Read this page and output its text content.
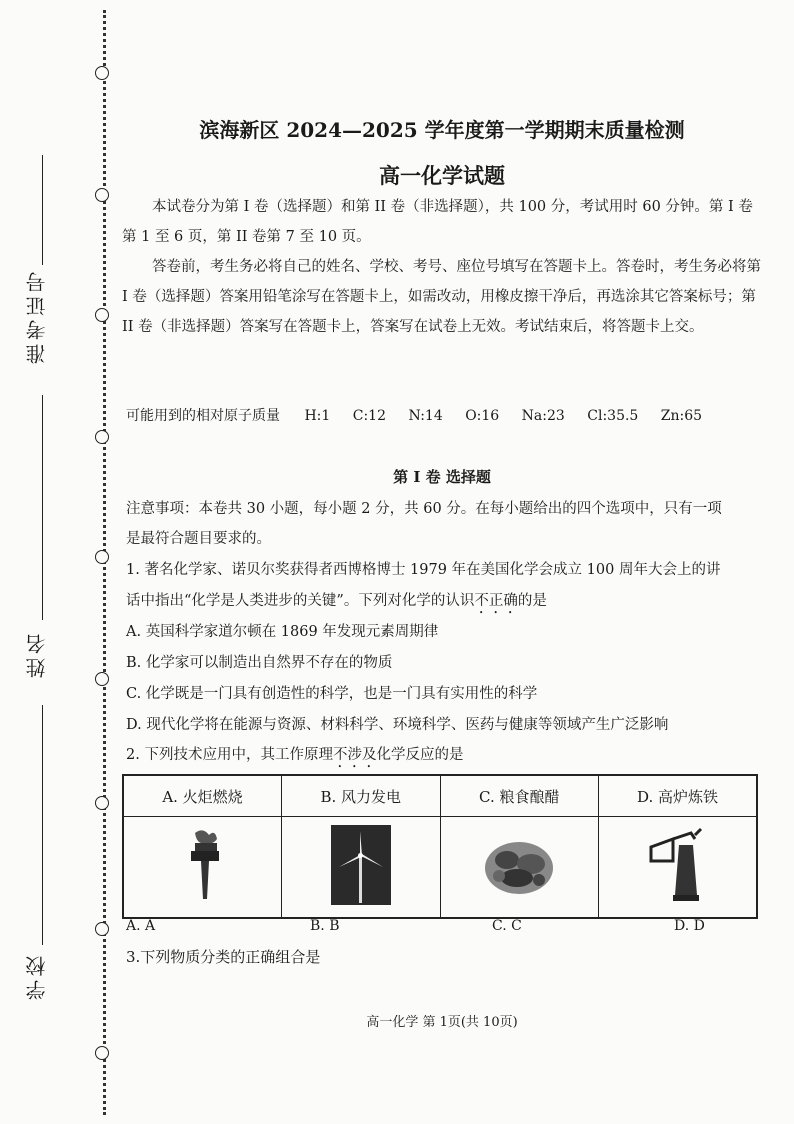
准考证号
姓名
学校
滨海新区 2024—2025 学年度第一学期期末质量检测
高一化学试题

本试卷分为第 I 卷（选择题）和第 II 卷（非选择题），共 100 分，考试用时 60 分钟。第 I 卷第 1 至 6 页，第 II 卷第 7 至 10 页。

答卷前，考生务必将自己的姓名、学校、考号、座位号填写在答题卡上。答卷时，考生务必将第 I 卷（选择题）答案用铅笔涂写在答题卡上，如需改动，用橡皮擦干净后，再选涂其它答案标号；第 II 卷（非选择题）答案写在答题卡上，答案写在试卷上无效。考试结束后，将答题卡上交。

可能用到的相对原子质量 H:1 C:12 N:14 O:16 Na:23 Cl:35.5 Zn:65
第 I 卷 选择题
注意事项：本卷共 30 小题，每小题 2 分，共 60 分。在每小题给出的四个选项中，只有一项
是最符合题目要求的。
1. 著名化学家、诺贝尔奖获得者西博格博士 1979 年在美国化学会成立 100 周年大会上的讲
话中指出“化学是人类进步的关键”。下列对化学的认识不正确的是
A. 英国科学家道尔顿在 1869 年发现元素周期律
B. 化学家可以制造出自然界不存在的物质
C. 化学既是一门具有创造性的科学，也是一门具有实用性的科学
D. 现代化学将在能源与资源、材料科学、环境科学、医药与健康等领域产生广泛影响
2. 下列技术应用中，其工作原理不涉及化学反应的是
A. 火炬燃烧	B. 风力发电	C. 粮食酿醋	D. 高炉炼铁

A. A	B. B	C. C	D. D
3.下列物质分类的正确组合是
高一化学 第 1页(共 10页)
